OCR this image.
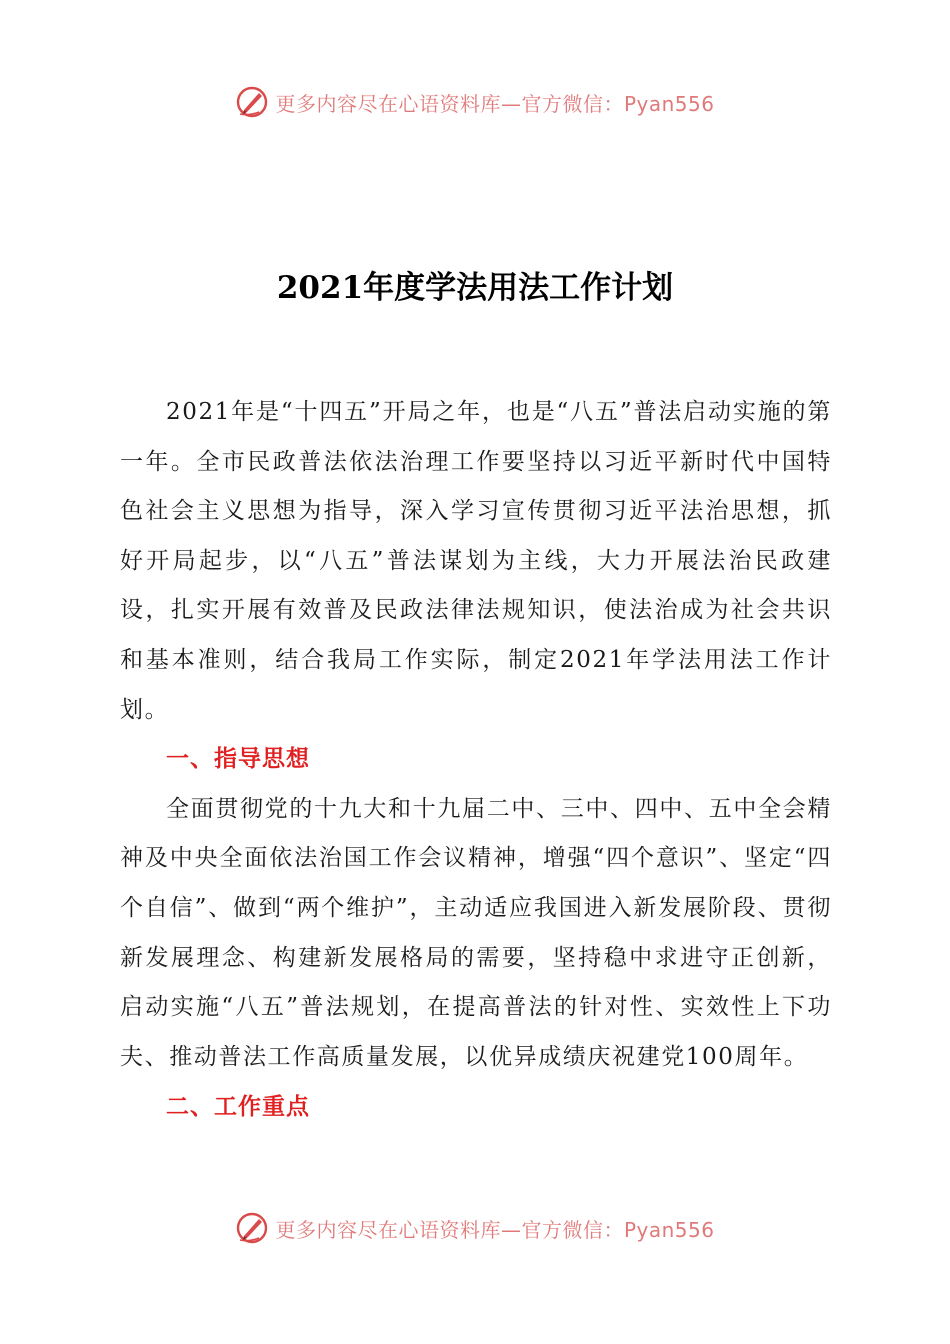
更多内容尽在心语资料库—官方微信：Pyan556
2021年度学法用法工作计划

2021年是“十四五”开局之年，也是“八五”普法启动实施的第一年。全市民政普法依法治理工作要坚持以习近平新时代中国特色社会主义思想为指导，深入学习宣传贯彻习近平法治思想，抓好开局起步，以“八五”普法谋划为主线，大力开展法治民政建设，扎实开展有效普及民政法律法规知识，使法治成为社会共识和基本准则，结合我局工作实际，制定2021年学法用法工作计划。

一、指导思想

全面贯彻党的十九大和十九届二中、三中、四中、五中全会精神及中央全面依法治国工作会议精神，增强“四个意识”、坚定“四个自信”、做到“两个维护”，主动适应我国进入新发展阶段、贯彻新发展理念、构建新发展格局的需要，坚持稳中求进守正创新，启动实施“八五”普法规划，在提高普法的针对性、实效性上下功夫、推动普法工作高质量发展，以优异成绩庆祝建党100周年。

二、工作重点

更多内容尽在心语资料库—官方微信：Pyan556
